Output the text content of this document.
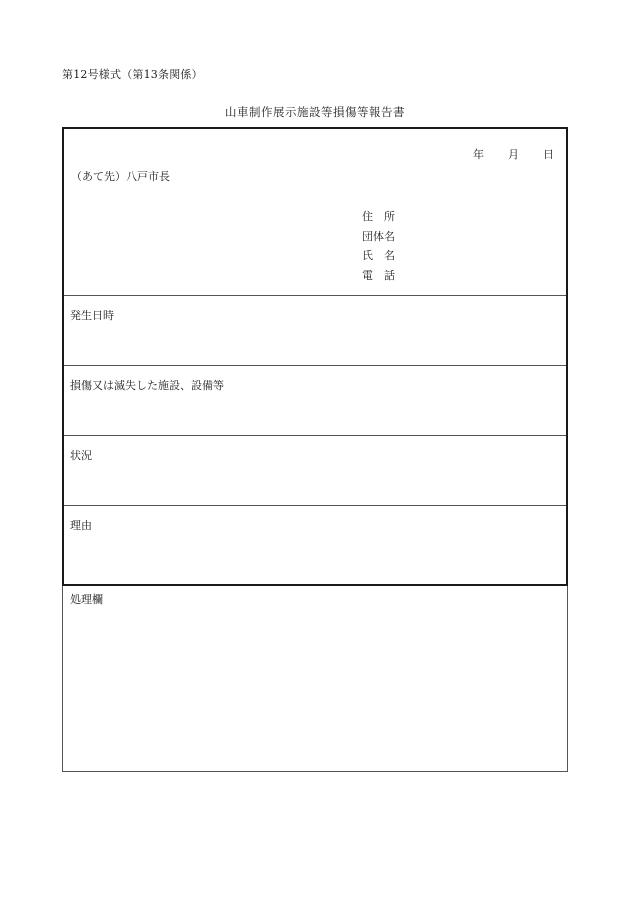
第12号様式（第13条関係）
山車制作展示施設等損傷等報告書
年	月	日
（あて先）八戸市長
住所
団体名
氏名
電話
発生日時
損傷又は滅失した施設、設備等
状況
理由
処理欄
